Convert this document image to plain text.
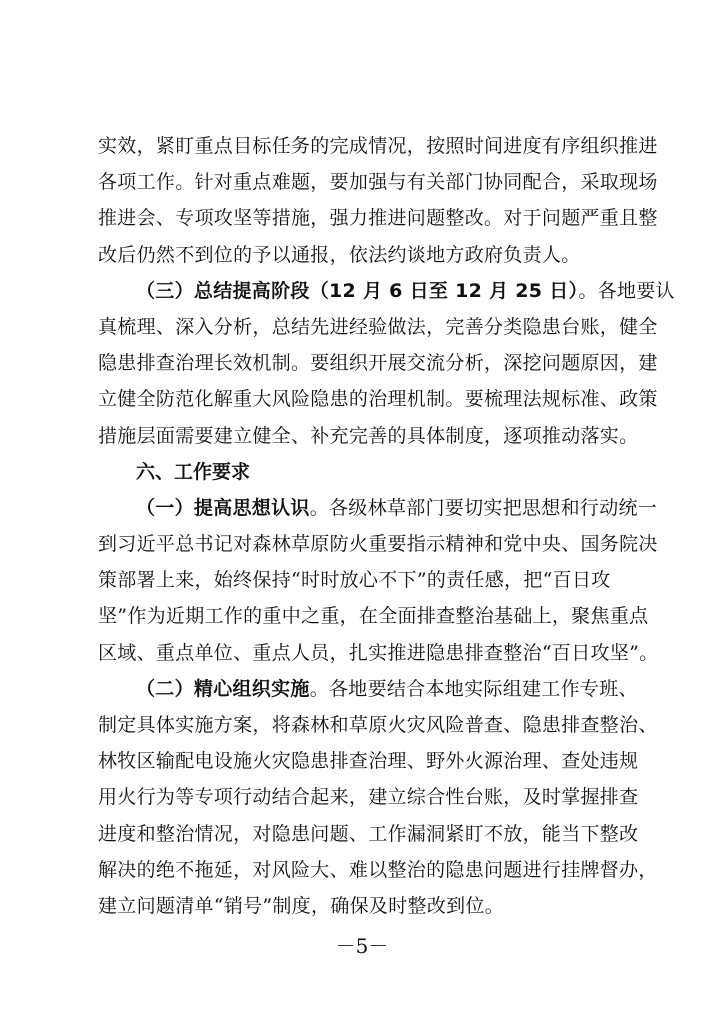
实效，紧盯重点目标任务的完成情况，按照时间进度有序组织推进
各项工作。针对重点难题，要加强与有关部门协同配合，采取现场
推进会、专项攻坚等措施，强力推进问题整改。对于问题严重且整
改后仍然不到位的予以通报，依法约谈地方政府负责人。
（三）总结提高阶段（12 月 6 日至 12 月 25 日）。各地要认
真梳理、深入分析，总结先进经验做法，完善分类隐患台账，健全
隐患排查治理长效机制。要组织开展交流分析，深挖问题原因，建
立健全防范化解重大风险隐患的治理机制。要梳理法规标准、政策
措施层面需要建立健全、补充完善的具体制度，逐项推动落实。
六、工作要求
（一）提高思想认识。各级林草部门要切实把思想和行动统一
到习近平总书记对森林草原防火重要指示精神和党中央、国务院决
策部署上来，始终保持“时时放心不下”的责任感，把“百日攻
坚”作为近期工作的重中之重，在全面排查整治基础上，聚焦重点
区域、重点单位、重点人员，扎实推进隐患排查整治“百日攻坚”。
（二）精心组织实施。各地要结合本地实际组建工作专班、
制定具体实施方案，将森林和草原火灾风险普查、隐患排查整治、
林牧区输配电设施火灾隐患排查治理、野外火源治理、查处违规
用火行为等专项行动结合起来，建立综合性台账，及时掌握排查
进度和整治情况，对隐患问题、工作漏洞紧盯不放，能当下整改
解决的绝不拖延，对风险大、难以整治的隐患问题进行挂牌督办，
建立问题清单“销号”制度，确保及时整改到位。
－5－
